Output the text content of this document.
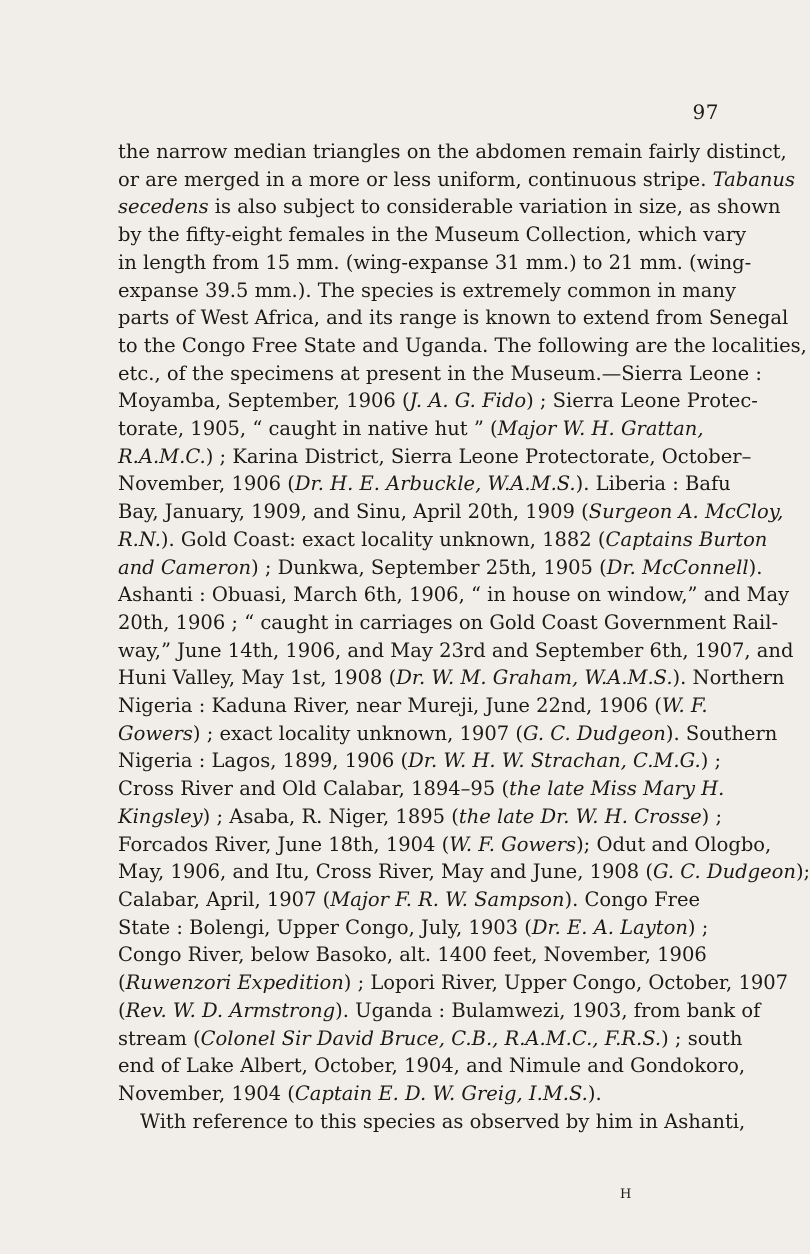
97
the narrow median triangles on the abdomen remain fairly distinct,
or are merged in a more or less uniform, continuous stripe. Tabanus
secedens is also subject to considerable variation in size, as shown
by the fifty-eight females in the Museum Collection, which vary
in length from 15 mm. (wing-expanse 31 mm.) to 21 mm. (wing-
expanse 39.5 mm.). The species is extremely common in many
parts of West Africa, and its range is known to extend from Senegal
to the Congo Free State and Uganda. The following are the localities,
etc., of the specimens at present in the Museum.—Sierra Leone :
Moyamba, September, 1906 (J. A. G. Fido) ; Sierra Leone Protec-
torate, 1905, “ caught in native hut ” (Major W. H. Grattan,
R.A.M.C.) ; Karina District, Sierra Leone Protectorate, October–
November, 1906 (Dr. H. E. Arbuckle, W.A.M.S.). Liberia : Bafu
Bay, January, 1909, and Sinu, April 20th, 1909 (Surgeon A. McCloy,
R.N.). Gold Coast: exact locality unknown, 1882 (Captains Burton
and Cameron) ; Dunkwa, September 25th, 1905 (Dr. McConnell).
Ashanti : Obuasi, March 6th, 1906, “ in house on window,” and May
20th, 1906 ; “ caught in carriages on Gold Coast Government Rail-
way,” June 14th, 1906, and May 23rd and September 6th, 1907, and
Huni Valley, May 1st, 1908 (Dr. W. M. Graham, W.A.M.S.). Northern
Nigeria : Kaduna River, near Mureji, June 22nd, 1906 (W. F.
Gowers) ; exact locality unknown, 1907 (G. C. Dudgeon). Southern
Nigeria : Lagos, 1899, 1906 (Dr. W. H. W. Strachan, C.M.G.) ;
Cross River and Old Calabar, 1894–95 (the late Miss Mary H.
Kingsley) ; Asaba, R. Niger, 1895 (the late Dr. W. H. Crosse) ;
Forcados River, June 18th, 1904 (W. F. Gowers); Odut and Ologbo,
May, 1906, and Itu, Cross River, May and June, 1908 (G. C. Dudgeon);
Calabar, April, 1907 (Major F. R. W. Sampson). Congo Free
State : Bolengi, Upper Congo, July, 1903 (Dr. E. A. Layton) ;
Congo River, below Basoko, alt. 1400 feet, November, 1906
(Ruwenzori Expedition) ; Lopori River, Upper Congo, October, 1907
(Rev. W. D. Armstrong). Uganda : Bulamwezi, 1903, from bank of
stream (Colonel Sir David Bruce, C.B., R.A.M.C., F.R.S.) ; south
end of Lake Albert, October, 1904, and Nimule and Gondokoro,
November, 1904 (Captain E. D. W. Greig, I.M.S.).
With reference to this species as observed by him in Ashanti,
H
